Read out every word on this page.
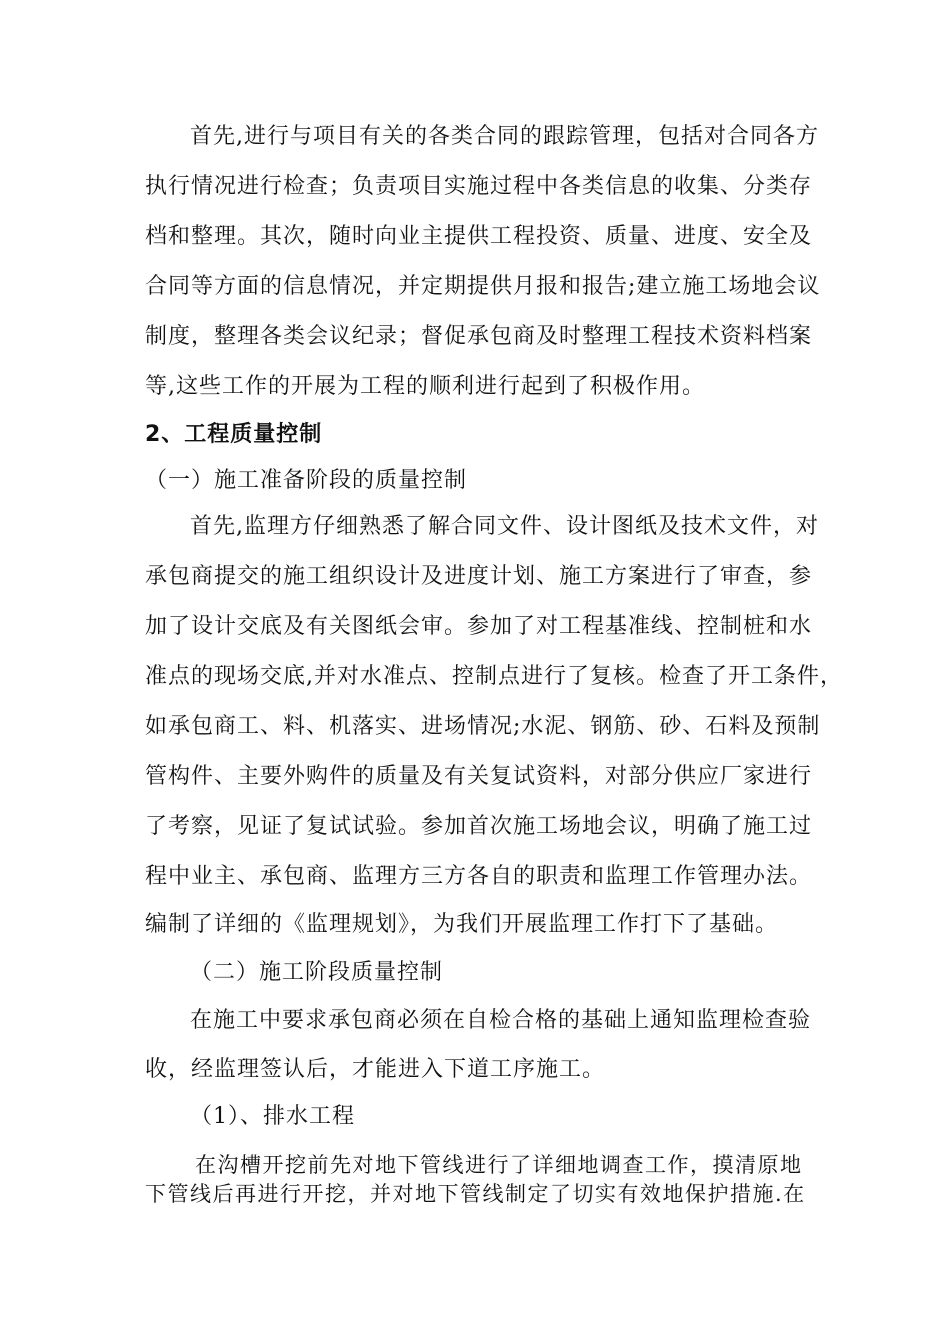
首先,进行与项目有关的各类合同的跟踪管理，包括对合同各方
执行情况进行检查；负责项目实施过程中各类信息的收集、分类存
档和整理。其次，随时向业主提供工程投资、质量、进度、安全及
合同等方面的信息情况，并定期提供月报和报告;建立施工场地会议
制度，整理各类会议纪录；督促承包商及时整理工程技术资料档案
等,这些工作的开展为工程的顺利进行起到了积极作用。
2、工程质量控制
（一）施工准备阶段的质量控制
首先,监理方仔细熟悉了解合同文件、设计图纸及技术文件，对
承包商提交的施工组织设计及进度计划、施工方案进行了审查，参
加了设计交底及有关图纸会审。参加了对工程基准线、控制桩和水
准点的现场交底,并对水准点、控制点进行了复核。检查了开工条件，
如承包商工、料、机落实、进场情况;水泥、钢筋、砂、石料及预制
管构件、主要外购件的质量及有关复试资料，对部分供应厂家进行
了考察，见证了复试试验。参加首次施工场地会议，明确了施工过
程中业主、承包商、监理方三方各自的职责和监理工作管理办法。
编制了详细的《监理规划》，为我们开展监理工作打下了基础。
（二）施工阶段质量控制
在施工中要求承包商必须在自检合格的基础上通知监理检查验
收，经监理签认后，才能进入下道工序施工。
（1）、排水工程
在沟槽开挖前先对地下管线进行了详细地调查工作，摸清原地
下管线后再进行开挖，并对地下管线制定了切实有效地保护措施.在
